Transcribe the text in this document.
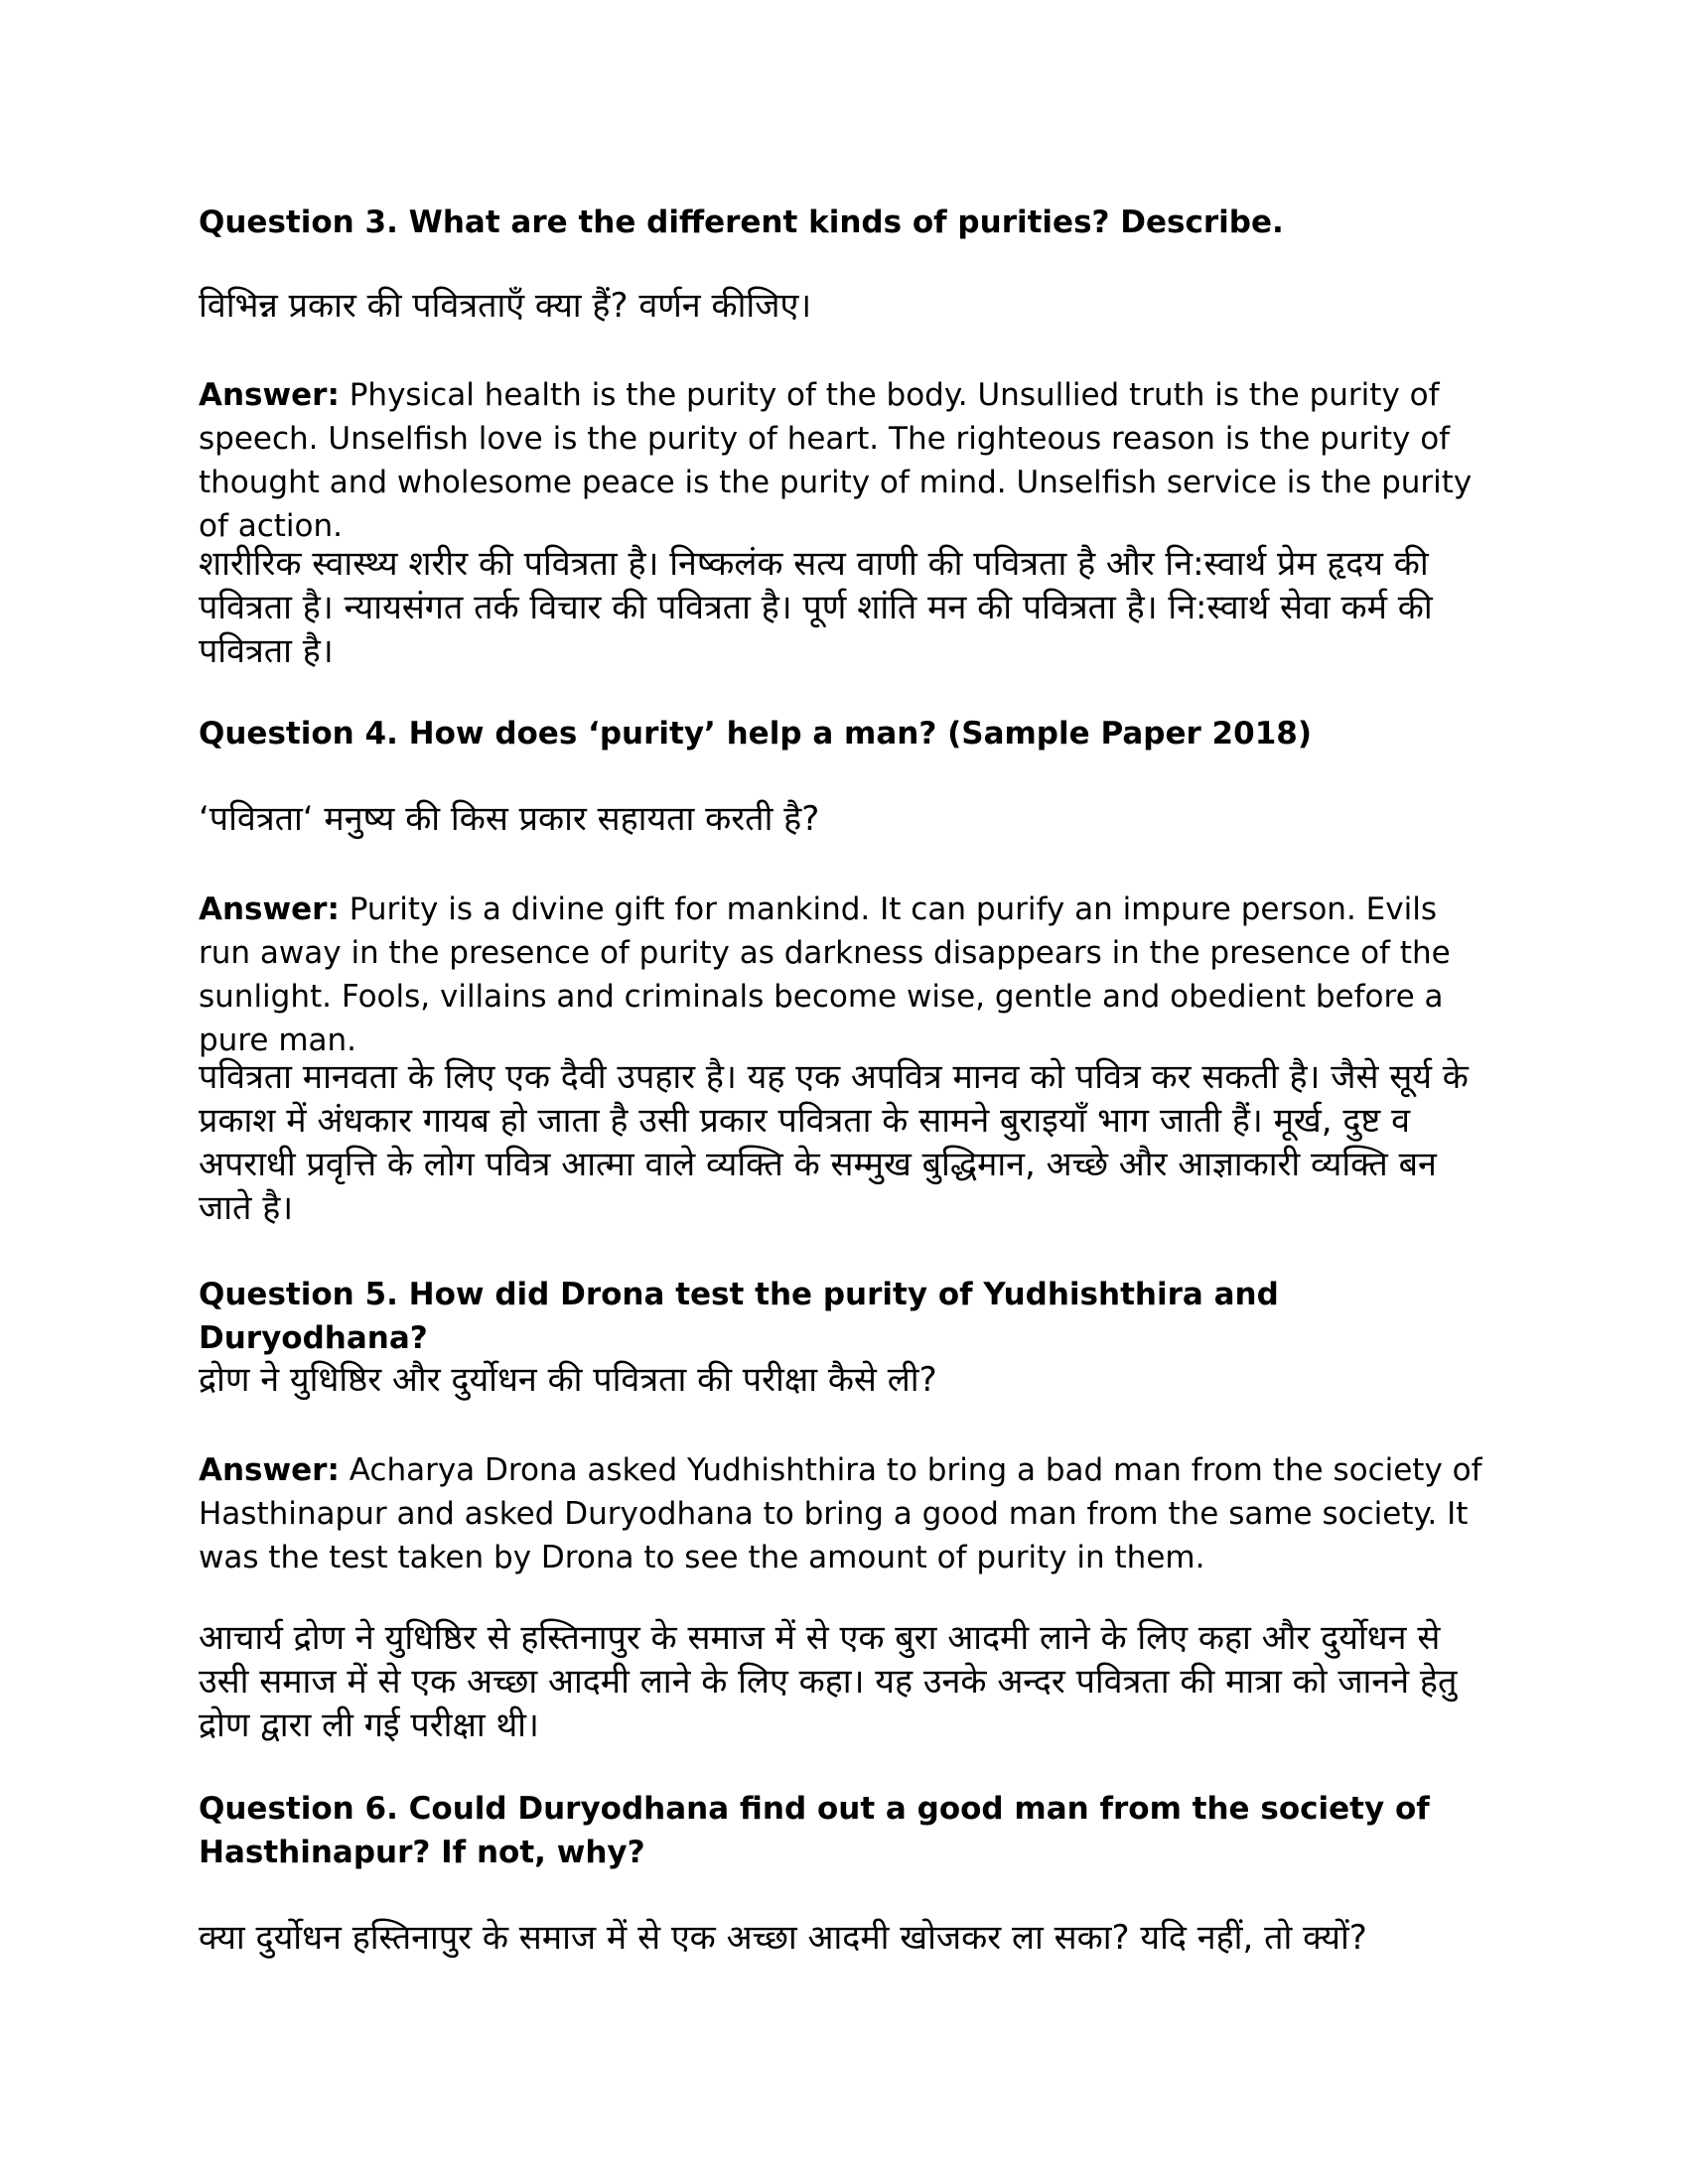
Question 3. What are the different kinds of purities? Describe.
विभिन्न प्रकार की पवित्रताएँ क्या हैं? वर्णन कीजिए।
Answer: Physical health is the purity of the body. Unsullied truth is the purity of speech. Unselfish love is the purity of heart. The righteous reason is the purity of thought and wholesome peace is the purity of mind. Unselfish service is the purity of action.
शारीरिक स्वास्थ्य शरीर की पवित्रता है। निष्कलंक सत्य वाणी की पवित्रता है और नि:स्वार्थ प्रेम हृदय की पवित्रता है। न्यायसंगत तर्क विचार की पवित्रता है। पूर्ण शांति मन की पवित्रता है। नि:स्वार्थ सेवा कर्म की पवित्रता है।
Question 4. How does ‘purity’ help a man? (Sample Paper 2018)
‘पवित्रता‘ मनुष्य की किस प्रकार सहायता करती है?
Answer: Purity is a divine gift for mankind. It can purify an impure person. Evils run away in the presence of purity as darkness disappears in the presence of the sunlight. Fools, villains and criminals become wise, gentle and obedient before a pure man.
पवित्रता मानवता के लिए एक दैवी उपहार है। यह एक अपवित्र मानव को पवित्र कर सकती है। जैसे सूर्य के प्रकाश में अंधकार गायब हो जाता है उसी प्रकार पवित्रता के सामने बुराइयाँ भाग जाती हैं। मूर्ख, दुष्ट व अपराधी प्रवृत्ति के लोग पवित्र आत्मा वाले व्यक्ति के सम्मुख बुद्धिमान, अच्छे और आज्ञाकारी व्यक्ति बन जाते है।
Question 5. How did Drona test the purity of Yudhishthira and Duryodhana?
द्रोण ने युधिष्ठिर और दुर्योधन की पवित्रता की परीक्षा कैसे ली?
Answer: Acharya Drona asked Yudhishthira to bring a bad man from the society of Hasthinapur and asked Duryodhana to bring a good man from the same society. It was the test taken by Drona to see the amount of purity in them.
आचार्य द्रोण ने युधिष्ठिर से हस्तिनापुर के समाज में से एक बुरा आदमी लाने के लिए कहा और दुर्योधन से उसी समाज में से एक अच्छा आदमी लाने के लिए कहा। यह उनके अन्दर पवित्रता की मात्रा को जानने हेतु द्रोण द्वारा ली गई परीक्षा थी।
Question 6. Could Duryodhana find out a good man from the society of Hasthinapur? If not, why?
क्या दुर्योधन हस्तिनापुर के समाज में से एक अच्छा आदमी खोजकर ला सका? यदि नहीं, तो क्यों?
